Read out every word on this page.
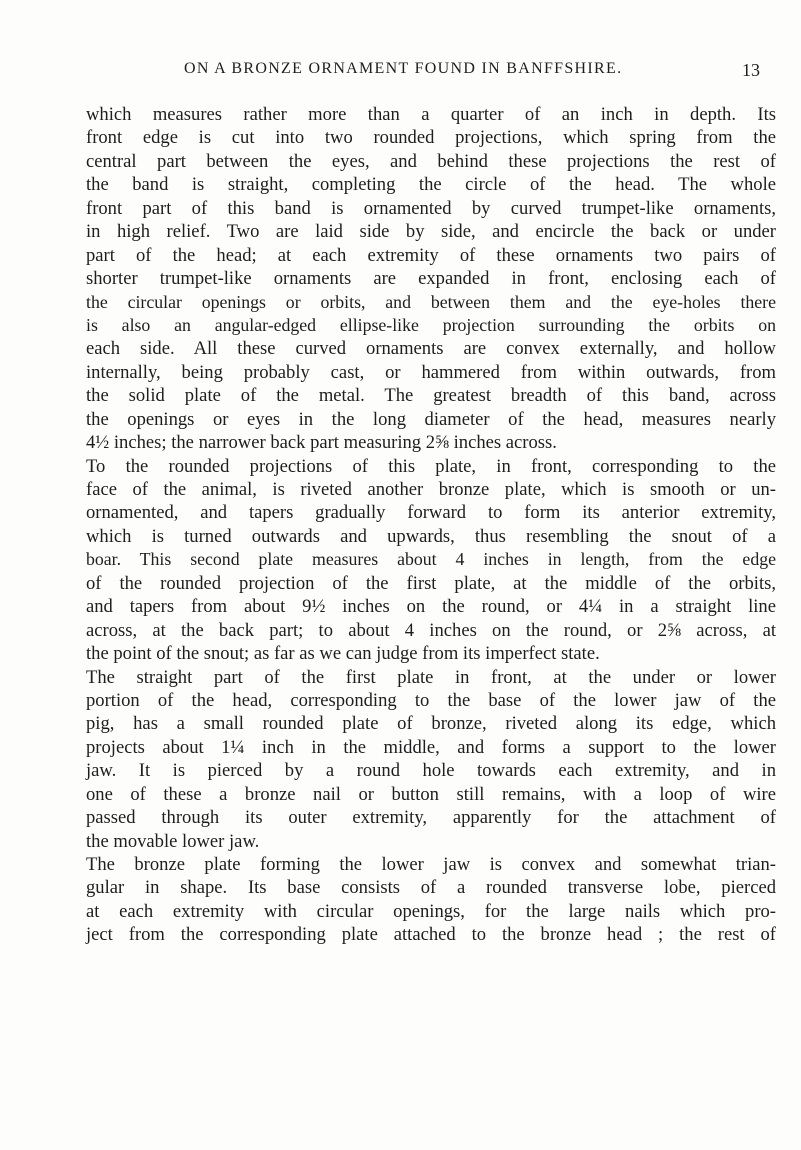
ON A BRONZE ORNAMENT FOUND IN BANFFSHIRE.	13
which measures rather more than a quarter of an inch in depth. Its
front edge is cut into two rounded projections, which spring from the
central part between the eyes, and behind these projections the rest of
the band is straight, completing the circle of the head. The whole
front part of this band is ornamented by curved trumpet-like ornaments,
in high relief. Two are laid side by side, and encircle the back or under
part of the head; at each extremity of these ornaments two pairs of
shorter trumpet-like ornaments are expanded in front, enclosing each of
the circular openings or orbits, and between them and the eye-holes there
is also an angular-edged ellipse-like projection surrounding the orbits on
each side. All these curved ornaments are convex externally, and hollow
internally, being probably cast, or hammered from within outwards, from
the solid plate of the metal. The greatest breadth of this band, across
the openings or eyes in the long diameter of the head, measures nearly
4½ inches; the narrower back part measuring 2⅝ inches across.
To the rounded projections of this plate, in front, corresponding to the
face of the animal, is riveted another bronze plate, which is smooth or un-
ornamented, and tapers gradually forward to form its anterior extremity,
which is turned outwards and upwards, thus resembling the snout of a
boar. This second plate measures about 4 inches in length, from the edge
of the rounded projection of the first plate, at the middle of the orbits,
and tapers from about 9½ inches on the round, or 4¼ in a straight line
across, at the back part; to about 4 inches on the round, or 2⅝ across, at
the point of the snout; as far as we can judge from its imperfect state.
The straight part of the first plate in front, at the under or lower
portion of the head, corresponding to the base of the lower jaw of the
pig, has a small rounded plate of bronze, riveted along its edge, which
projects about 1¼ inch in the middle, and forms a support to the lower
jaw. It is pierced by a round hole towards each extremity, and in
one of these a bronze nail or button still remains, with a loop of wire
passed through its outer extremity, apparently for the attachment of
the movable lower jaw.
The bronze plate forming the lower jaw is convex and somewhat trian-
gular in shape. Its base consists of a rounded transverse lobe, pierced
at each extremity with circular openings, for the large nails which pro-
ject from the corresponding plate attached to the bronze head ; the rest of
